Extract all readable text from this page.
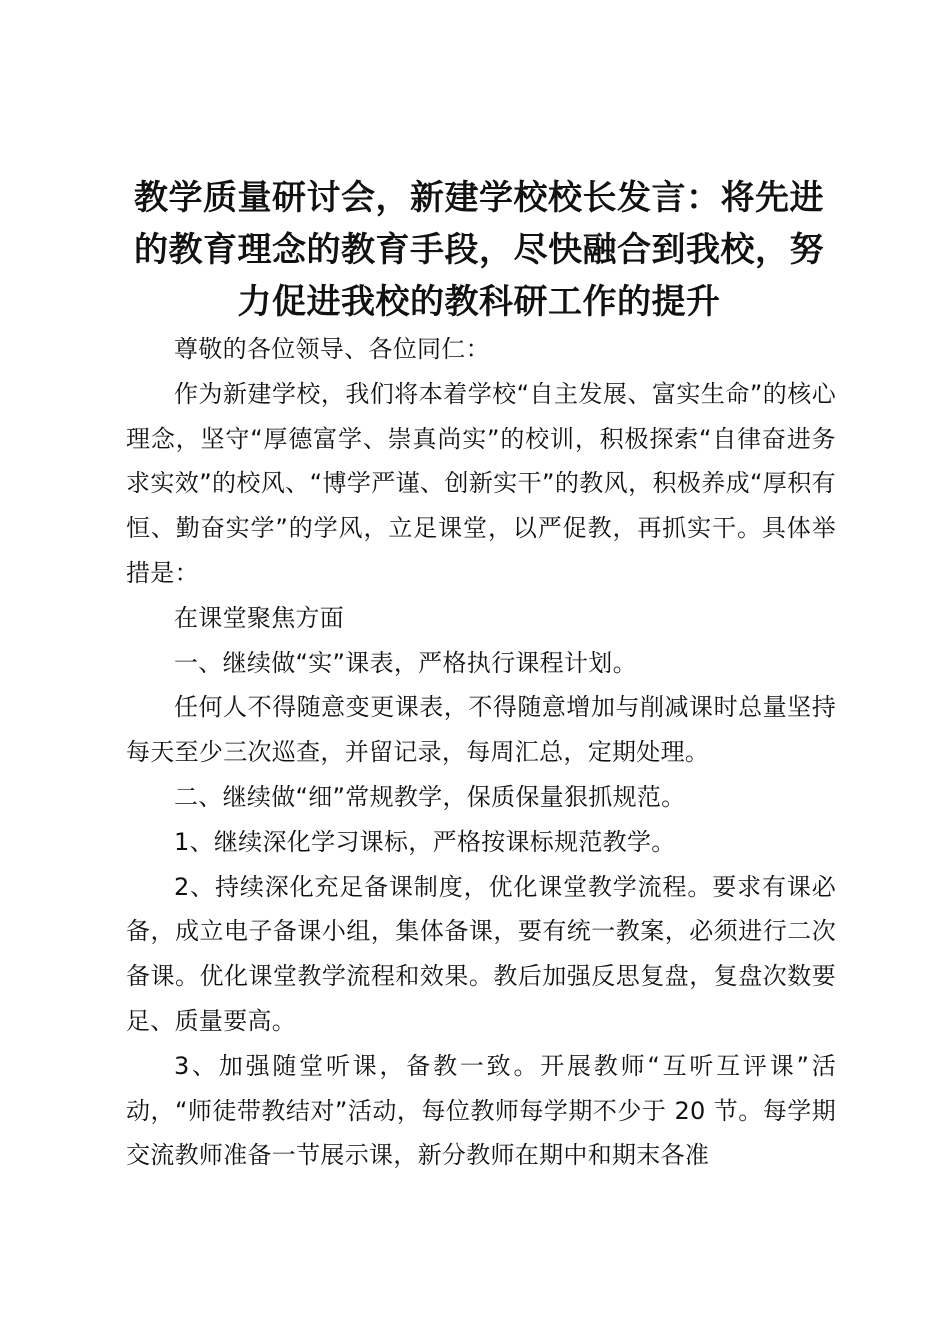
教学质量研讨会，新建学校校长发言：将先进的教育理念的教育手段，尽快融合到我校，努力促进我校的教科研工作的提升

尊敬的各位领导、各位同仁：

作为新建学校，我们将本着学校“自主发展、富实生命”的核心理念，坚守“厚德富学、崇真尚实”的校训，积极探索“自律奋进务求实效”的校风、“博学严谨、创新实干”的教风，积极养成“厚积有恒、勤奋实学”的学风，立足课堂，以严促教，再抓实干。具体举措是：

在课堂聚焦方面

一、继续做“实”课表，严格执行课程计划。

任何人不得随意变更课表，不得随意增加与削减课时总量坚持每天至少三次巡查，并留记录，每周汇总，定期处理。

二、继续做“细”常规教学，保质保量狠抓规范。

1、继续深化学习课标，严格按课标规范教学。

2、持续深化充足备课制度，优化课堂教学流程。要求有课必备，成立电子备课小组，集体备课，要有统一教案，必须进行二次备课。优化课堂教学流程和效果。教后加强反思复盘，复盘次数要足、质量要高。

3、加强随堂听课，备教一致。开展教师“互听互评课”活动，“师徒带教结对”活动，每位教师每学期不少于 20 节。每学期交流教师准备一节展示课，新分教师在期中和期末各准
